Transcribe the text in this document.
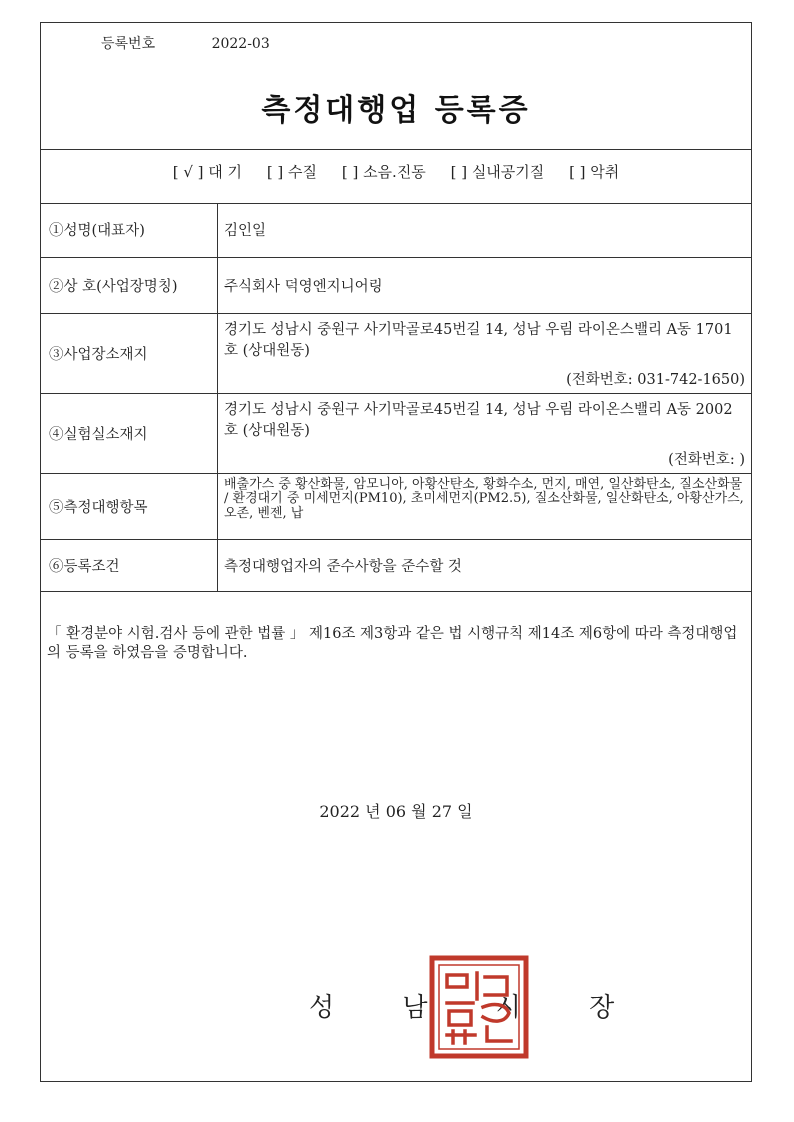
등록번호	2022-03
측정대행업 등록증
[ √ ] 대 기 [ ] 수질 [ ] 소음.진동 [ ] 실내공기질 [ ] 악취
①성명(대표자)	김인일
②상 호(사업장명칭)	주식회사 덕영엔지니어링
③사업장소재지	경기도 성남시 중원구 사기막골로45번길 14, 성남 우림 라이온스밸리 A동 1701호 (상대원동)
(전화번호: 031-742-1650)

④실험실소재지	경기도 성남시 중원구 사기막골로45번길 14, 성남 우림 라이온스밸리 A동 2002호 (상대원동)
(전화번호: )

⑤측정대행항목	배출가스 중 황산화물, 암모니아, 아황산탄소, 황화수소, 먼지, 매연, 일산화탄소, 질소산화물 / 환경대기 중 미세먼지(PM10), 초미세먼지(PM2.5), 질소산화물, 일산화탄소, 아황산가스, 오존, 벤젠, 납
⑥등록조건	측정대행업자의 준수사항을 준수할 것
「 환경분야 시험.검사 등에 관한 법률 」 제16조 제3항과 같은 법 시행규칙 제14조 제6항에 따라 측정대행업의 등록을 하였음을 증명합니다.
2022 년 06 월 27 일
성 남 시 장
